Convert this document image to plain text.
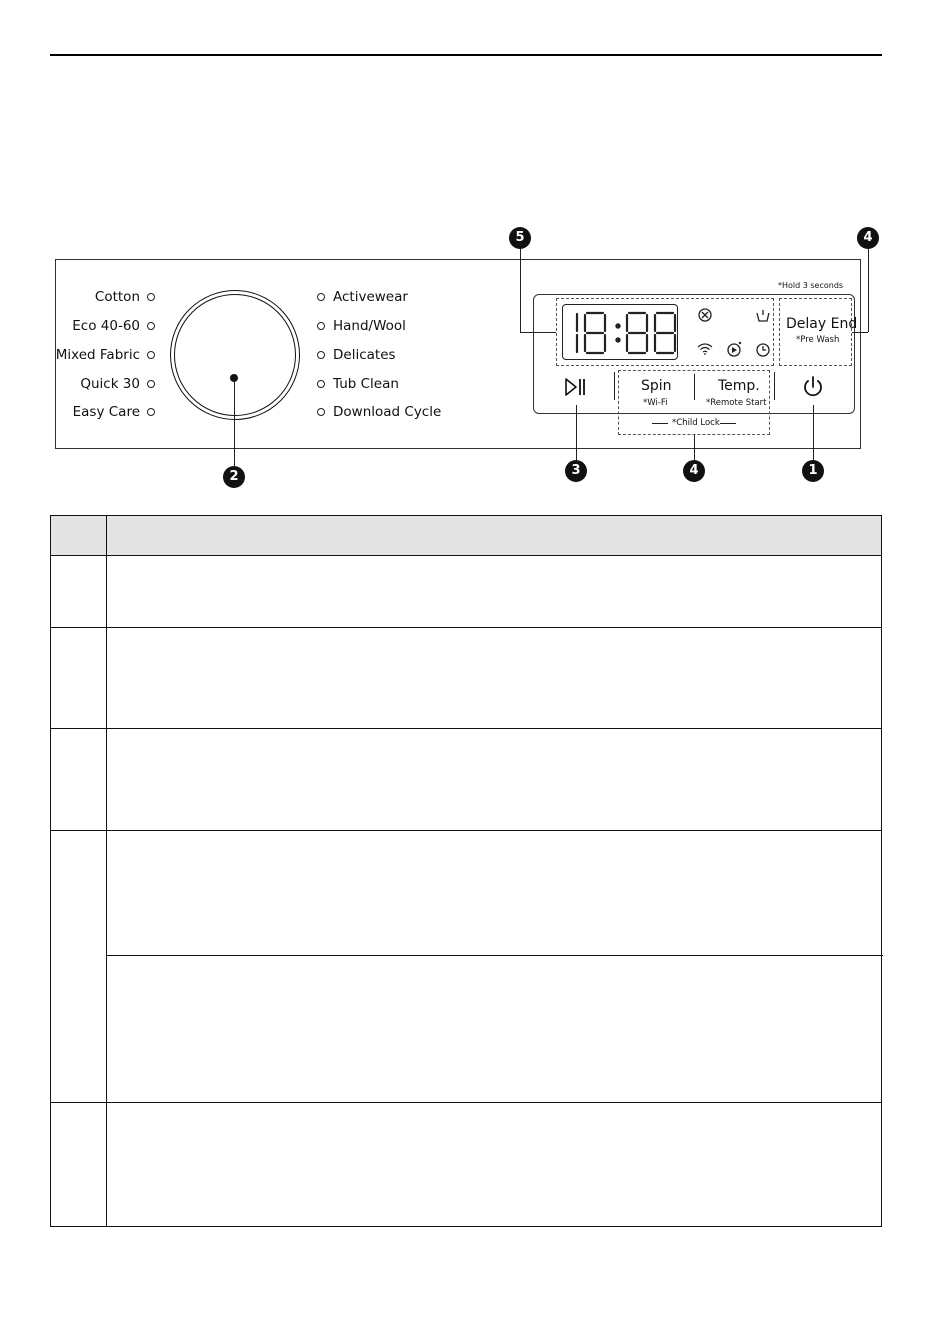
Cotton
Eco 40-60
Mixed Fabric
Quick 30
Easy Care
Activewear
Hand/Wool
Delicates
Tub Clean
Download Cycle
*Hold 3 seconds
Delay End
*Pre Wash
Spin
*Wi-Fi
Temp.
*Remote Start
*Child Lock
5	4
2	3	4	1
